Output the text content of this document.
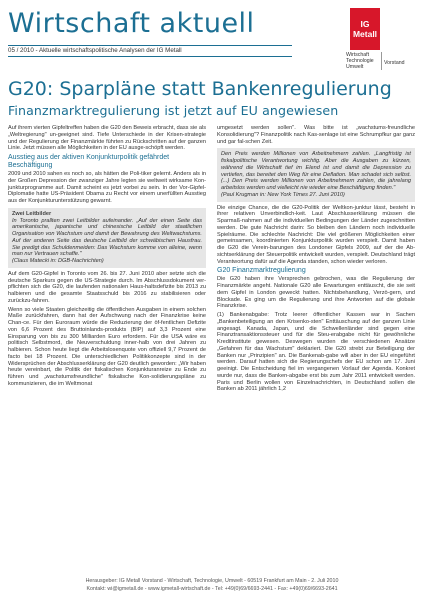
Wirtschaft aktuell
05 / 2010 - Aktuelle wirtschaftspolitische Analysen der IG Metall
IG
Metall
Wirtschaft
Technologie
Umwelt
Vorstand
G20: Sparpläne statt Bankenregulierung
Finanzmarktregulierung ist jetzt auf EU angewiesen

Auf ihrem vierten Gipfeltreffen haben die G20 den Beweis erbracht, dass sie als „Weltregierung" un-geeignet sind. Tiefe Unterschiede in der Krisen-strategie und der Regulierung der Finanzmärkte führten zu Rückschritten auf der ganzen Linie. Jetzt müssen alle Möglichkeiten in der EU ausge-schöpft werden.

Ausstieg aus der aktiven Konjunkturpolitik gefährdet Beschäftigung

2009 und 2010 sahen es noch so, als hätten die Poli-tiker gelernt. Anders als in der Großen Depression der zwanziger Jahre legten sie weltweit wirksame Kon-junkturprogramme auf. Damit scheint es jetzt vorbei zu sein. In der Vor-Gipfel-Diplomatie hatte US-Präsident Obama zu Recht vor einem unerfüllten Ausstieg aus der Konjunkturunterstützung gewarnt.

Zwei Leitbilder

In Toronto prallten zwei Leitbilder aufeinander. „Auf der einen Seite das amerikanische, japanische und chinesische Leitbild der staatlichen Organisation von Wachstum und damit der Bewahrung des Weltwachstums. Auf der anderen Seite das deutsche Leitbild der schwäbischen Hausfrau. Sie predigt das Schuldenmeiden: Das Wachstum komme von alleine, wenn man nur Vertrauen schaffe."

(Claus Matecki in: DGB-Nachrichten)

Auf dem G20-Gipfel in Toronto vom 26. bis 27. Juni 2010 aber setzte sich die deutsche Sparkurs gegen die US-Strategie durch. Im Abschlussdokument ver-pflichten sich die G20, die laufenden nationalen Haus-haltsdefizite bis 2013 zu halbieren und die gesamte Staatsschuld bis 2016 zu stabilisieren oder zurückzu-fahren.

Wenn so viele Staaten gleichzeitig die öffentlichen Ausgaben in einem solchen Maße zurückfahren, dann hat der Aufschwung nach der Finanzkrise keine Chan-ce. Für den Euroraum würde die Reduzierung der öf-fentlichen Defizite von 6,6 Prozent des Bruttoinlands-produkts (BIP) auf 3,3 Prozent eine Einsparung von bis zu 300 Milliarden Euro erfordern. Für die USA wäre es politisch Selbstmord, die Neuverschuldung inner-halb von drei Jahren zu halbieren. Schon heute liegt die Arbeitslosenquote von offiziell 9,7 Prozent de facto bei 18 Prozent. Die unterschiedlichen Politikkonzepte sind in der Widersprüchen der Abschlusserklärung der G20 deutlich geworden: „Wir haben heute vereinbart, die Politik der fiskalischen Konjunkturanreize zu Ende zu führen und „wachstumsfreundliche" fiskalische Kon-solidierungspläne zu kommunizieren, die im Weltmonat

umgesetzt werden sollen". Was bitte ist „wachstums-freundliche Konsolidierung"? Finanzpolitik nach Kas-senlage ist eine Schrumpfkur gar ganz und gar fal-schen Zeit.

Den Preis werden Millionen von Arbeitnehmern zahlen. „Langfristig ist fiskalpolitische Verantwortung wichtig. Aber die Ausgaben zu kürzen, während die Wirtschaft tief im Elend ist und damit die Depression zu vertiefen, das bereitet den Weg für eine Deflation. Man schadet sich selbst. (...) Den Preis werden Millionen von Arbeitnehmern zahlen, die jahrelang arbeitslos werden und vielleicht nie wieder eine Beschäftigung finden."

(Paul Krugman in: New York Times 27. Juni 2010)

Die einzige Chance, die die G20-Politik der Weltkon-junktur lässt, besteht in ihrer relativen Unverbindlich-keit. Laut Abschlusserklärung müssen die Sparmaß-nahmen auf die individuellen Bedingungen der Länder zugeschnitten werden. Die gute Nachricht darin: So bleiben den Ländern noch individuelle Spielräume. Die schlechte Nachricht: Die viel größeren Möglichkeiten einer gemeinsamen, koordinierten Konjunkturpolitik wurden verspielt. Damit haben die G20 die Verein-barungen des Londoner Gipfels 2009, auf der die Ab-sichtserklärung der Steuerpolitik entwickelt wurden, verspielt. Deutschland trägt Verantwortung dafür auf die Agenda standen, schon wieder verloren.

G20 Finanzmarktregulierung

Die G20 haben ihre Versprechen gebrochen, was die Regulierung der Finanzmärkte angeht. Nationale G20 alle Erwartungen enttäuscht, die sie seit dem Gipfel in London geweckt hatten. Nichtsbehandlung, Verzö-gern, und Blockade. Es ging um die Regulierung und ihre Antworten auf die globale Finanzkrise.

(1) Bankenabgabe: Trotz leerer öffentlicher Kassen war in Sachen „Bankenbeteiligung an den Krisenko-sten" Enttäuschung auf der ganzen Linie angesagt. Kanada, Japan, und die Schwellenländer sind gegen eine Finanztransaktionssteuer und für die Steu-erabgabe nicht für gewöhnliche Kreditinstitute gewesen. Deswegen wurden die verschiedenen Ansätze „Gefahren für das Wachstum" deklariert. Die G20 strebt zur Beteiligung der Banken nur „Prinzipien" an. Die Bankenab-gabe will aber in der EU eingeführt werden. Darauf hatten sich die Regierungschefs der EU schon am 17. Juni geeinigt. Die Entscheidung fiel im vergangenen Vorlauf der Agenda. Konkret wurde nur, dass die Banken-abgabe erst bis zum Jahr 2011 entwickelt werden. Paris und Berlin wollen von Einzelnachrichten, in Deutschland sollen die Banken ab 2011 jährlich 1,2

Herausgeber: IG Metall Vorstand - Wirtschaft, Technologie, Umwelt - 60519 Frankfurt am Main - 2. Juli 2010
Kontakt: wi@igmetall.de - www.igmetall-wirtschaft.de - Tel: +49(0)69/6693-2441 - Fax: +49(0)69/6693-2641
